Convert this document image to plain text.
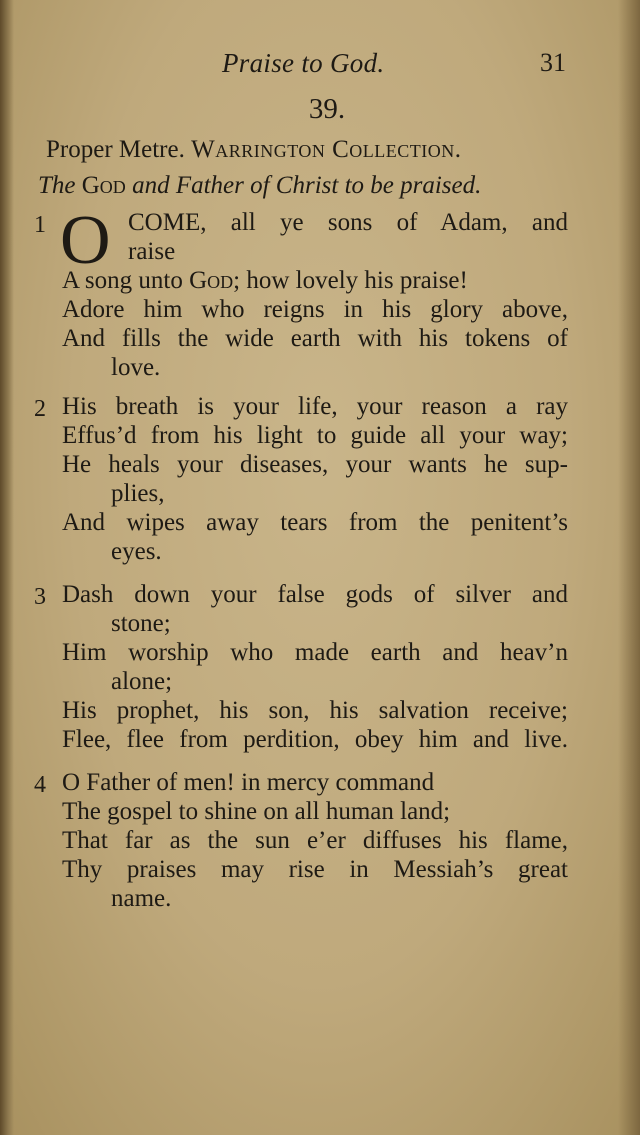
Praise to God.	31
39.
Proper Metre. Warrington Collection.
The God and Father of Christ to be praised.
1 O COME, all ye sons of Adam, and
raise
A song unto God; how lovely his praise!
Adore him who reigns in his glory above,
And fills the wide earth with his tokens of
love.
2 His breath is your life, your reason a ray
Effus’d from his light to guide all your way;
He heals your diseases, your wants he sup-
plies,
And wipes away tears from the penitent’s
eyes.
3 Dash down your false gods of silver and
stone;
Him worship who made earth and heav’n
alone;
His prophet, his son, his salvation receive;
Flee, flee from perdition, obey him and live.
4 O Father of men! in mercy command
The gospel to shine on all human land;
That far as the sun e’er diffuses his flame,
Thy praises may rise in Messiah’s great
name.
